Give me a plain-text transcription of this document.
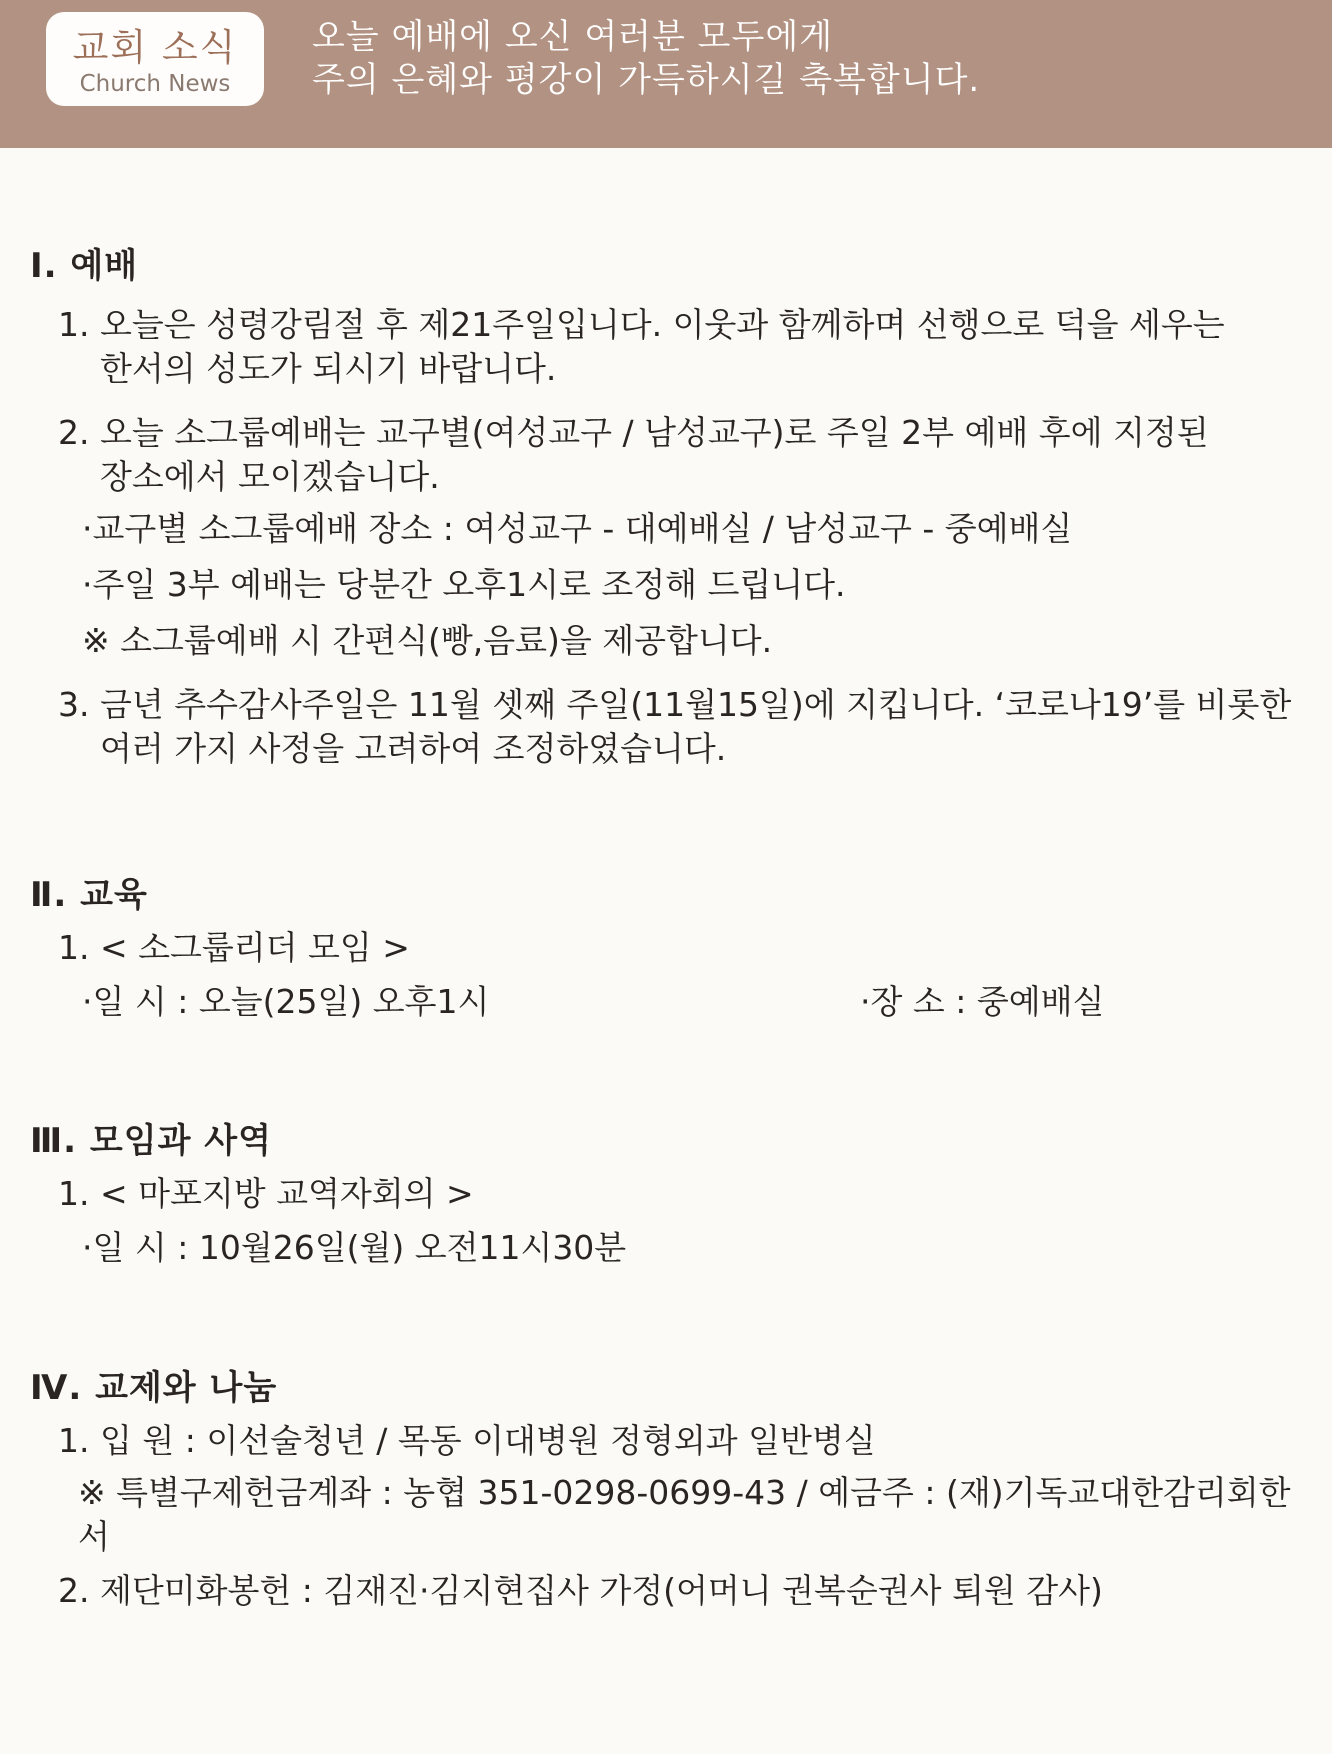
교회 소식
Church News
오늘 예배에 오신 여러분 모두에게
주의 은혜와 평강이 가득하시길 축복합니다.

Ⅰ. 예배

1. 오늘은 성령강림절 후 제21주일입니다. 이웃과 함께하며 선행으로 덕을 세우는
한서의 성도가 되시기 바랍니다.
2. 오늘 소그룹예배는 교구별(여성교구 / 남성교구)로 주일 2부 예배 후에 지정된
장소에서 모이겠습니다.

·교구별 소그룹예배 장소 : 여성교구 - 대예배실 / 남성교구 - 중예배실

·주일 3부 예배는 당분간 오후1시로 조정해 드립니다.

※ 소그룹예배 시 간편식(빵,음료)을 제공합니다.

3. 금년 추수감사주일은 11월 셋째 주일(11월15일)에 지킵니다. ‘코로나19’를 비롯한
여러 가지 사정을 고려하여 조정하였습니다.

Ⅱ. 교육

1. < 소그룹리더 모임 >
·일 시 : 오늘(25일) 오후1시	·장 소 : 중예배실

Ⅲ. 모임과 사역

1. < 마포지방 교역자회의 >
·일 시 : 10월26일(월) 오전11시30분

Ⅳ. 교제와 나눔

1. 입 원 : 이선술청년 / 목동 이대병원 정형외과 일반병실

※ 특별구제헌금계좌 : 농협 351-0298-0699-43 / 예금주 : (재)기독교대한감리회한서

2. 제단미화봉헌 : 김재진·김지현집사 가정(어머니 권복순권사 퇴원 감사)
